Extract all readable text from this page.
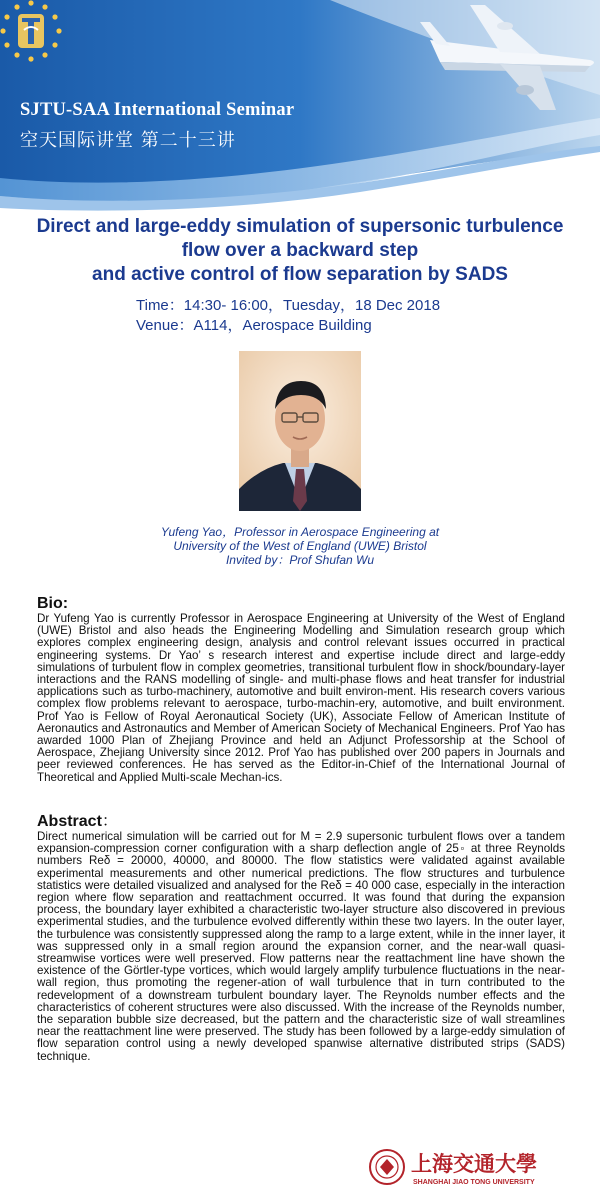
SJTU-SAA International Seminar
空天国际讲堂 第二十三讲
Direct and large-eddy simulation of supersonic turbulence
flow over a backward step
and active control of flow separation by SADS
Time：14:30- 16:00，Tuesday，18 Dec 2018
Venue：A114，Aerospace Building
Yufeng Yao，Professor in Aerospace Engineering at
University of the West of England (UWE) Bristol
Invited by：Prof Shufan Wu
Bio:
Dr Yufeng Yao is currently Professor in Aerospace Engineering at University of the West of England (UWE) Bristol and also heads the Engineering Modelling and Simulation research group which explores complex engineering design, analysis and control relevant issues occurred in practical engineering systems. Dr Yao’ s research interest and expertise include direct and large-eddy simulations of turbulent flow in complex geometries, transitional turbulent flow in shock/boundary-layer interactions and the RANS modelling of single- and multi-phase flows and heat transfer for industrial applications such as turbo-machinery, automotive and built environ-ment. His research covers various complex flow problems relevant to aerospace, turbo-machin-ery, automotive, and built environment. Prof Yao is Fellow of Royal Aeronautical Society (UK), Associate Fellow of American Institute of Aeronautics and Astronautics and Member of American Society of Mechanical Engineers. Prof Yao has awarded 1000 Plan of Zhejiang Province and held an Adjunct Professorship at the School of Aerospace, Zhejiang University since 2012. Prof Yao has published over 200 papers in Journals and peer reviewed conferences. He has served as the Editor-in-Chief of the International Journal of Theoretical and Applied Multi-scale Mechan-ics.
Abstract：
Direct numerical simulation will be carried out for M = 2.9 supersonic turbulent flows over a tandem expansion-compression corner configuration with a sharp deflection angle of 25◦ at three Reynolds numbers Reδ = 20000, 40000, and 80000. The flow statistics were validated against available experimental measurements and other numerical predictions. The flow structures and turbulence statistics were detailed visualized and analysed for the Reδ = 40 000 case, especially in the interaction region where flow separation and reattachment occurred. It was found that during the expansion process, the boundary layer exhibited a characteristic two-layer structure also discovered in previous experimental studies, and the turbulence evolved differently within these two layers. In the outer layer, the turbulence was consistently suppressed along the ramp to a large extent, while in the inner layer, it was suppressed only in a small region around the expansion corner, and the near-wall quasi-streamwise vortices were well preserved. Flow patterns near the reattachment line have shown the existence of the Görtler-type vortices, which would largely amplify turbulence fluctuations in the near-wall region, thus promoting the regener-ation of wall turbulence that in turn contributed to the redevelopment of a downstream turbulent boundary layer. The Reynolds number effects and the characteristics of coherent structures were also discussed. With the increase of the Reynolds number, the separation bubble size decreased, but the pattern and the characteristic size of wall streamlines near the reattachment line were preserved. The study has been followed by a large-eddy simulation of flow separation control using a newly developed spanwise alternative distributed strips (SADS) technique.
上海交通大學
SHANGHAI JIAO TONG UNIVERSITY
